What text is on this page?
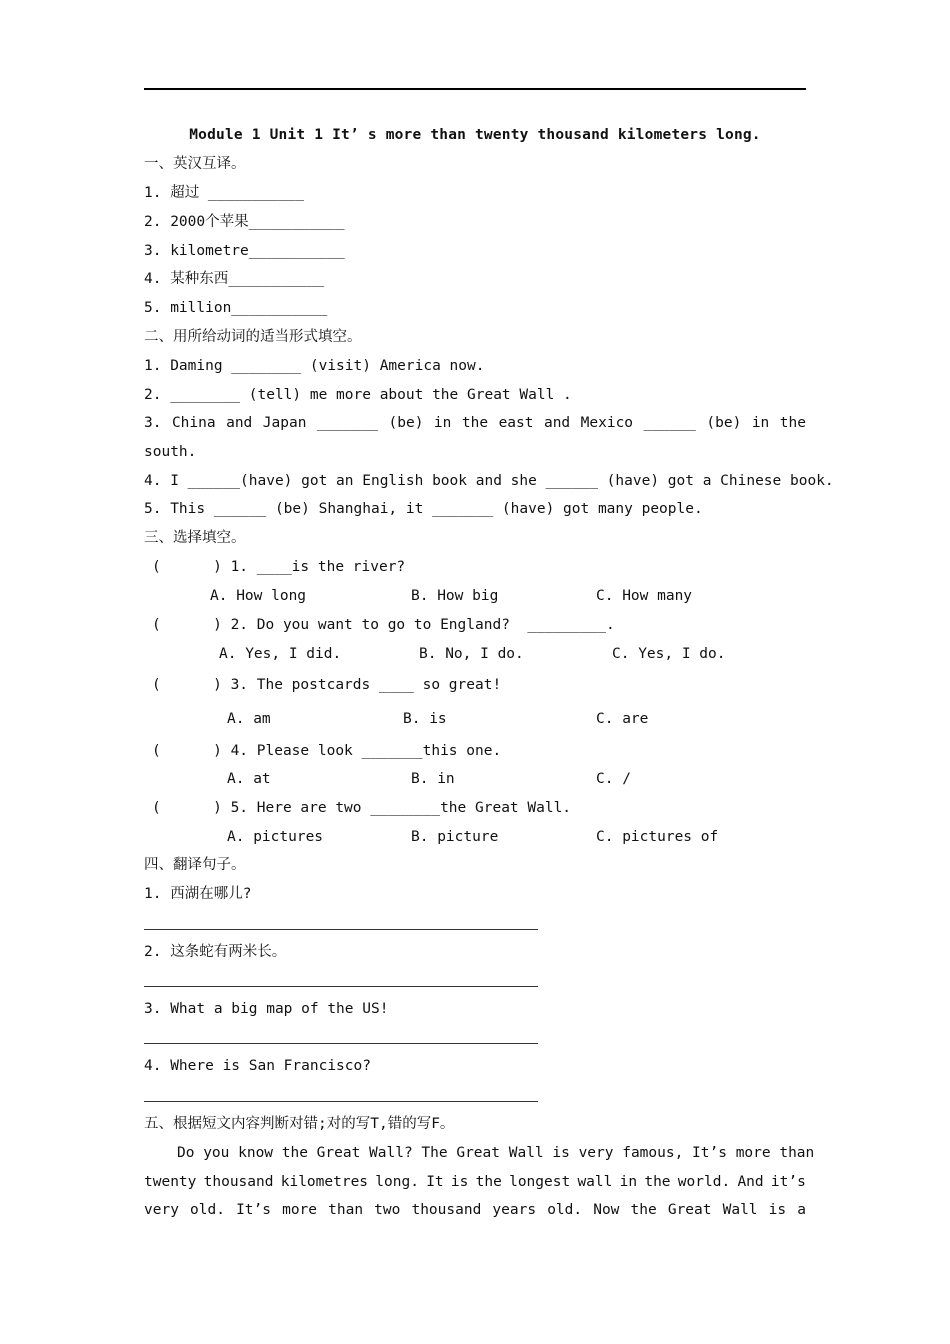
Module 1 Unit 1 It’ s more than twenty thousand kilometers long.
一、英汉互译。
1. 超过 ___________
2. 2000个苹果___________
3. kilometre___________
4. 某种东西___________
5. million___________
二、用所给动词的适当形式填空。
1. Daming ________ (visit) America now.
2. ________ (tell) me more about the Great Wall .
3. China and Japan _______ (be) in the east and Mexico ______ (be) in the
south.
4. I ______(have) got an English book and she ______ (have) got a Chinese book.
5. This ______ (be) Shanghai, it _______ (have) got many people.
三、选择填空。
(      ) 1. ____is the river?
A. How long	B. How big	C. How many
(      ) 2. Do you want to go to England?  _________.
A. Yes, I did.	B. No, I do.	C. Yes, I do.
(      ) 3. The postcards ____ so great!
A. am	B. is	C. are
(      ) 4. Please look _______this one.
A. at	B. in	C. /
(      ) 5. Here are two ________the Great Wall.
A. pictures	B. picture	C. pictures of
四、翻译句子。
1. 西湖在哪儿?
2. 这条蛇有两米长。
3. What a big map of the US!
4. Where is San Francisco?
五、根据短文内容判断对错;对的写T,错的写F。
Do you know the Great Wall? The Great Wall is very famous, It’s more than
twenty thousand kilometres long. It is the longest wall in the world. And it’s
very old. It’s more than two thousand years old. Now the Great Wall is a
